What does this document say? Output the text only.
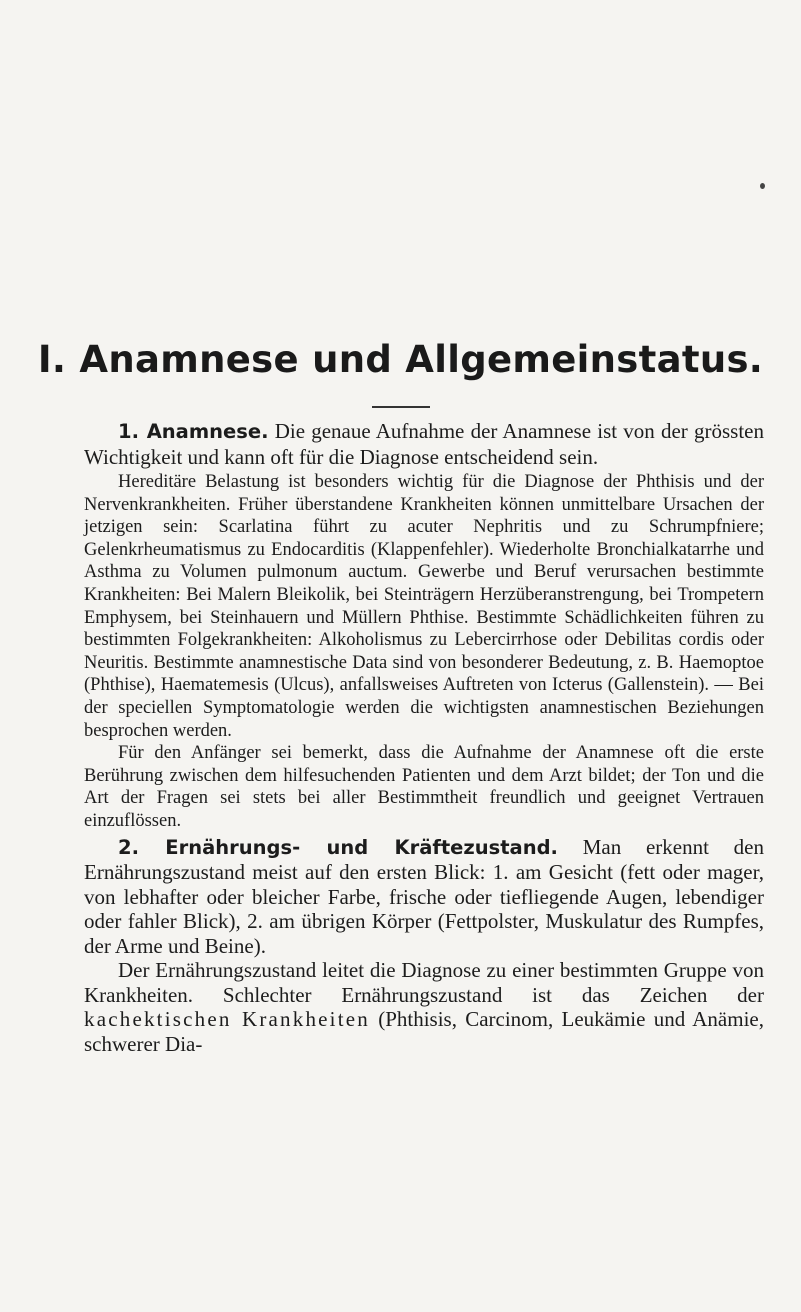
I. Anamnese und Allgemeinstatus.

1. Anamnese. Die genaue Aufnahme der Anamnese ist von der grössten Wichtigkeit und kann oft für die Diagnose entscheidend sein.

Hereditäre Belastung ist besonders wichtig für die Diagnose der Phthisis und der Nervenkrankheiten. Früher überstandene Krankheiten können unmittelbare Ursachen der jetzigen sein: Scarlatina führt zu acuter Nephritis und zu Schrumpfniere; Gelenkrheumatismus zu Endocarditis (Klappenfehler). Wiederholte Bronchialkatarrhe und Asthma zu Volumen pulmonum auctum. Gewerbe und Beruf verursachen bestimmte Krankheiten: Bei Malern Bleikolik, bei Steinträgern Herzüberanstrengung, bei Trompetern Emphysem, bei Steinhauern und Müllern Phthise. Bestimmte Schädlichkeiten führen zu bestimmten Folgekrankheiten: Alkoholismus zu Lebercirrhose oder Debilitas cordis oder Neuritis. Bestimmte anamnestische Data sind von besonderer Bedeutung, z. B. Haemoptoe (Phthise), Haematemesis (Ulcus), anfallsweises Auftreten von Icterus (Gallenstein). — Bei der speciellen Symptomatologie werden die wichtigsten anamnestischen Beziehungen besprochen werden.

Für den Anfänger sei bemerkt, dass die Aufnahme der Anamnese oft die erste Berührung zwischen dem hilfesuchenden Patienten und dem Arzt bildet; der Ton und die Art der Fragen sei stets bei aller Bestimmtheit freundlich und geeignet Vertrauen einzuflössen.

2. Ernährungs- und Kräftezustand. Man erkennt den Ernährungszustand meist auf den ersten Blick: 1. am Gesicht (fett oder mager, von lebhafter oder bleicher Farbe, frische oder tiefliegende Augen, lebendiger oder fahler Blick), 2. am übrigen Körper (Fettpolster, Muskulatur des Rumpfes, der Arme und Beine).

Der Ernährungszustand leitet die Diagnose zu einer bestimmten Gruppe von Krankheiten. Schlechter Ernährungszustand ist das Zeichen der kachektischen Krankheiten (Phthisis, Carcinom, Leukämie und Anämie, schwerer Dia-
